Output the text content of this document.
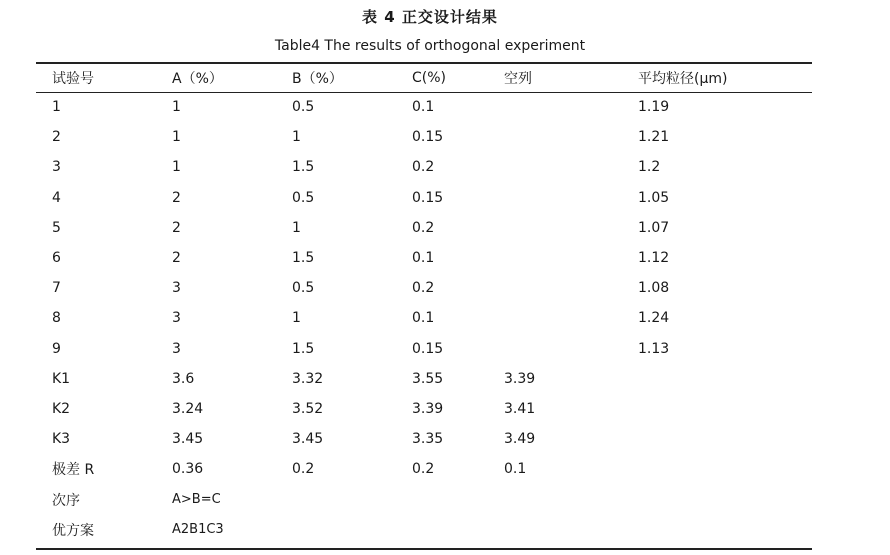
表 4 正交设计结果
Table4 The results of orthogonal experiment
试验号	A（%）	B（%）	C(%)	空列	平均粒径(μm)
1	1	0.5	0.1		1.19
2	1	1	0.15		1.21
3	1	1.5	0.2		1.2
4	2	0.5	0.15		1.05
5	2	1	0.2		1.07
6	2	1.5	0.1		1.12
7	3	0.5	0.2		1.08
8	3	1	0.1		1.24
9	3	1.5	0.15		1.13
K1	3.6	3.32	3.55	3.39	
K2	3.24	3.52	3.39	3.41	
K3	3.45	3.45	3.35	3.49	
极差 R	0.36	0.2	0.2	0.1	
次序	A>B=C				
优方案	A2B1C3				
